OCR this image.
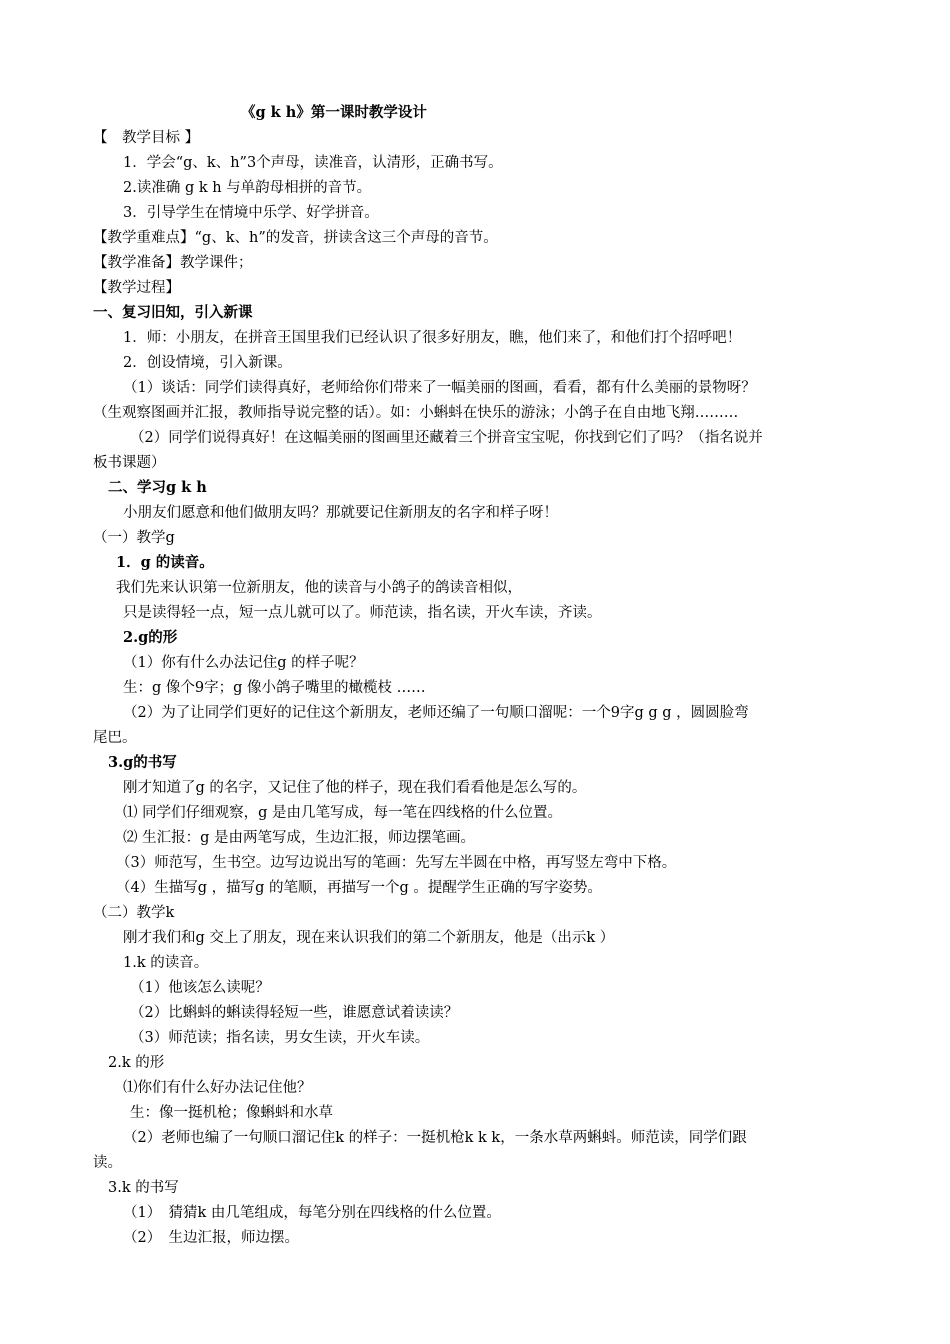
《g k h》第一课时教学设计
【　教学目标 】
1．学会“g、k、h”3个声母，读准音，认清形，正确书写。
2.读准确 g k h 与单韵母相拼的音节。
3．引导学生在情境中乐学、好学拼音。
【教学重难点】“g、k、h”的发音，拼读含这三个声母的音节。
【教学准备】教学课件；
【教学过程】
一、复习旧知，引入新课
1．师：小朋友，在拼音王国里我们已经认识了很多好朋友，瞧，他们来了，和他们打个招呼吧！
2．创设情境，引入新课。
（1）谈话：同学们读得真好，老师给你们带来了一幅美丽的图画，看看，都有什么美丽的景物呀？
（生观察图画并汇报，教师指导说完整的话）。如：小蝌蚪在快乐的游泳；小鸽子在自由地飞翔………
（2）同学们说得真好！在这幅美丽的图画里还藏着三个拼音宝宝呢，你找到它们了吗？（指名说并
板书课题）
二、学习g k h
小朋友们愿意和他们做朋友吗？那就要记住新朋友的名字和样子呀！
（一）教学g
1．g 的读音。
我们先来认识第一位新朋友，他的读音与小鸽子的鸽读音相似，
只是读得轻一点，短一点儿就可以了。师范读，指名读，开火车读，齐读。
2.g的形
（1）你有什么办法记住g 的样子呢？
生：g 像个9字；g 像小鸽子嘴里的橄榄枝 ……
（2）为了让同学们更好的记住这个新朋友，老师还编了一句顺口溜呢：一个9字g g g ，圆圆脸弯
尾巴。
3.g的书写
刚才知道了g 的名字，又记住了他的样子，现在我们看看他是怎么写的。
⑴ 同学们仔细观察，g 是由几笔写成，每一笔在四线格的什么位置。
⑵ 生汇报：g 是由两笔写成，生边汇报，师边摆笔画。
（3）师范写，生书空。边写边说出写的笔画：先写左半圆在中格，再写竖左弯中下格。
（4）生描写g ，描写g 的笔顺，再描写一个g 。提醒学生正确的写字姿势。
（二）教学k
刚才我们和g 交上了朋友，现在来认识我们的第二个新朋友，他是（出示k ）
1.k 的读音。
（1）他该怎么读呢？
（2）比蝌蚪的蝌读得轻短一些，谁愿意试着读读？
（3）师范读；指名读，男女生读，开火车读。
2.k 的形
⑴你们有什么好办法记住他？
生：像一挺机枪；像蝌蚪和水草
（2）老师也编了一句顺口溜记住k 的样子：一挺机枪k k k，一条水草两蝌蚪。师范读，同学们跟
读。
3.k 的书写
（1）　猜猜k 由几笔组成，每笔分别在四线格的什么位置。
（2）　生边汇报，师边摆。
